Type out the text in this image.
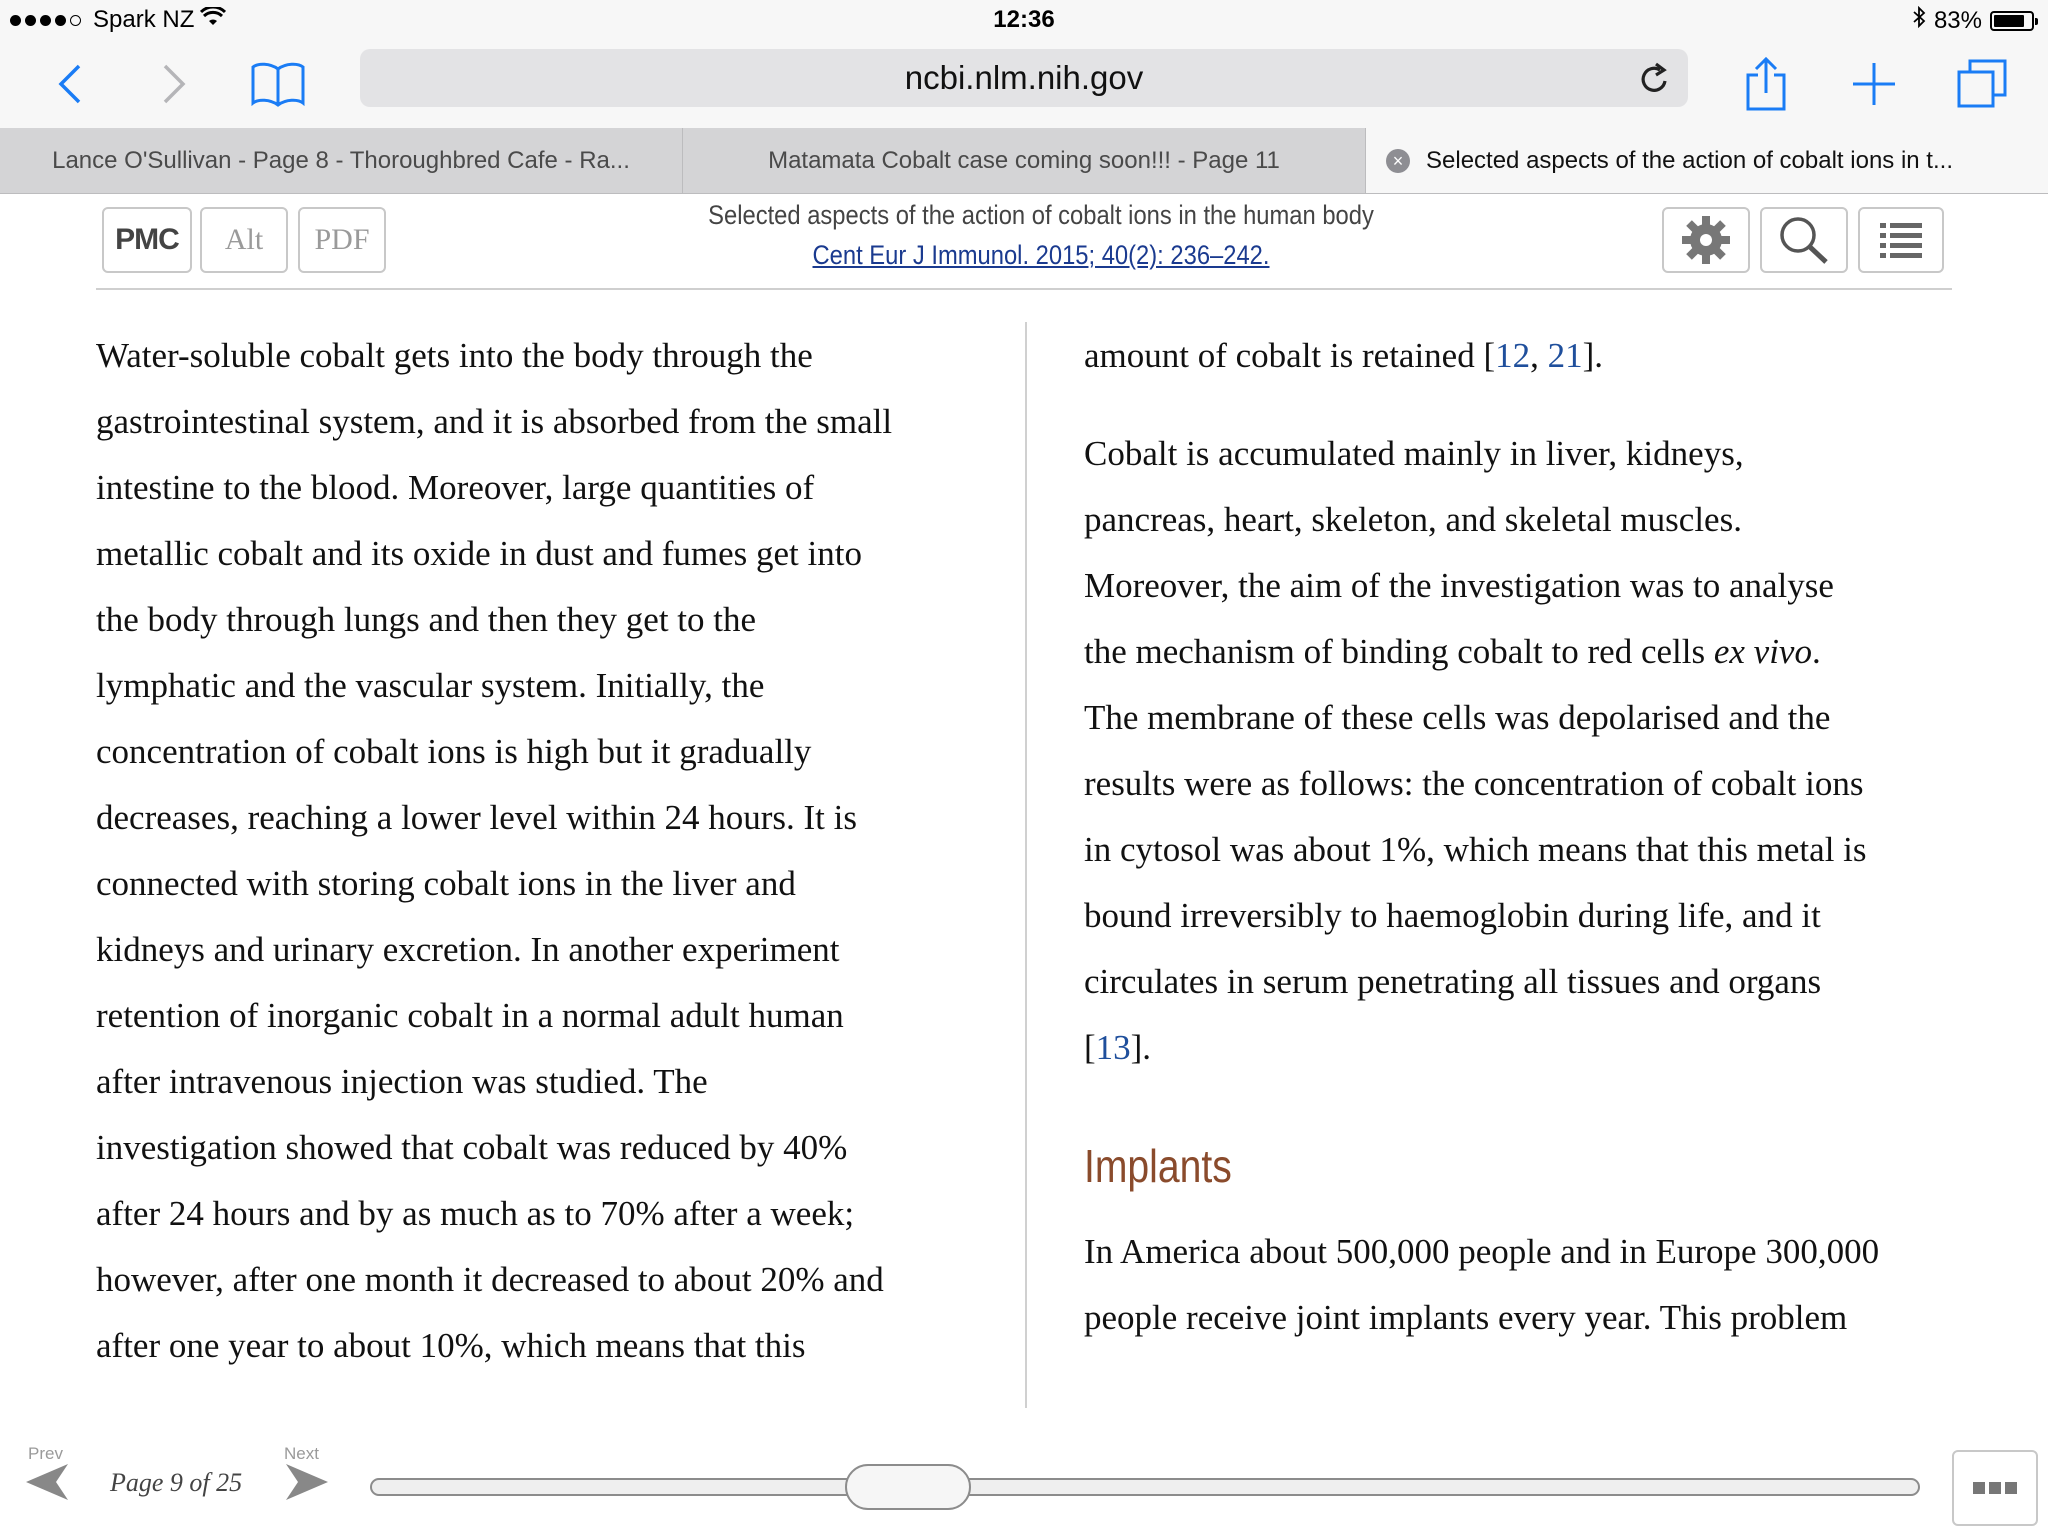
Spark NZ	12:36	83%
ncbi.nlm.nih.gov
Lance O'Sullivan - Page 8 - Thoroughbred Cafe - Ra...	Matamata Cobalt case coming soon!!! - Page 11	× Selected aspects of the action of cobalt ions in t...
PMC Alt PDF
Selected aspects of the action of cobalt ions in the human body
Cent Eur J Immunol. 2015; 40(2): 236–242.

Water-soluble cobalt gets into the body through the

gastrointestinal system, and it is absorbed from the small

intestine to the blood. Moreover, large quantities of

metallic cobalt and its oxide in dust and fumes get into

the body through lungs and then they get to the

lymphatic and the vascular system. Initially, the

concentration of cobalt ions is high but it gradually

decreases, reaching a lower level within 24 hours. It is

connected with storing cobalt ions in the liver and

kidneys and urinary excretion. In another experiment

retention of inorganic cobalt in a normal adult human

after intravenous injection was studied. The

investigation showed that cobalt was reduced by 40%

after 24 hours and by as much as to 70% after a week;

however, after one month it decreased to about 20% and

after one year to about 10%, which means that this

amount of cobalt is retained [12, 21].

Cobalt is accumulated mainly in liver, kidneys,

pancreas, heart, skeleton, and skeletal muscles.

Moreover, the aim of the investigation was to analyse

the mechanism of binding cobalt to red cells ex vivo.

The membrane of these cells was depolarised and the

results were as follows: the concentration of cobalt ions

in cytosol was about 1%, which means that this metal is

bound irreversibly to haemoglobin during life, and it

circulates in serum penetrating all tissues and organs

[13].

Implants

In America about 500,000 people and in Europe 300,000

people receive joint implants every year. This problem

Prev
Page 9 of 25
Next
